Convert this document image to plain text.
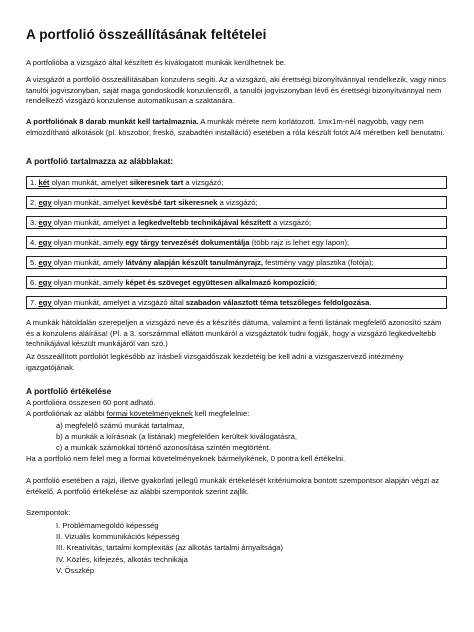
A portfolió összeállításának feltételei
A portfolióba a vizsgázó által készített és kiválogatott munkák kerülhetnek be.
A vizsgázót a portfolió összeállításában konzulens segíti. Az a vizsgázó, aki érettségi bizonyítvánnyal rendelkezik, vagy nincs tanulói jogviszonyban, saját maga gondoskodik konzulensről, a tanulói jogviszonyban lévő és érettségi bizonyítvánnyal nem rendelkező vizsgázó konzulense automatikusan a szaktanára.
A portfoliónak 8 darab munkát kell tartalmaznia. A munkák mérete nem korlátozott. 1mx1m-nél nagyobb, vagy nem elmozdítható alkotások (pl. köszobor, freskó, szabadtéri installáció) esetében a róla készült fotót A/4 méretben kell benutatni.
A portfolió tartalmazza az alábblakat:
1. két olyan munkát, amelyet sikeresnek tart a vizsgázó;
2. egy olyan munkát, amelyet kevésbé tart sikeresnek a vizsgázó;
3. egy olyan munkát, amelyet a legkedveltebb technikájával készített a vizsgázó;
4. egy olyan munkát, amely egy tárgy tervezését dokumentálja (több rajz is lehet egy lapon);
5. egy olyan munkát, amely látvány alapján készült tanulmányrajz, festmény vagy plasztika (fotója);
6. egy olyan munkát, amely képet és szöveget együttesen alkalmazó kompozíció;
7. egy olyan munkát, amelyet a vizsgázó által szabadon választott téma tetszőleges feldolgozása.
A munkák hátoldalán szerepeljen a vizsgázó neve és a készítés dátuma, valamint a fenti listának megfelelő azonosító szám és a konzulens aláírása! (Pl. a 3. sorszámmal ellátott munkáról a vizsgáztatók tudni fogják, hogy a vizsgázó legkedveltebb technikájával készült munkájáról van szó.)
Az összeállított portfoliót legkésőbb az írásbeli vizsgaidőszak kezdetéig be kell adni a vizsgaszervező intézmény igazgatójának.
A portfolió értékelése
A portfolióra összesen 60 pont adható.
A portfoliónak az alábbi formai követelményeknek kell megfelelnie:
a) megfelelő számú munkát tartalmaz,
b) a munkák a kiírásnak (a listának) megfelelően kerültek kiválogatásra,
c) a munkák számokkal történő azonosítása szintén megtörtént.
Ha a portfolió nem felel meg a formai követelményeknek bármelyikének, 0 pontra kell értékelni.
A portfolió esetében a rajzi, illetve gyakorlati jellegű munkák értékelését kritériumokra bontott szempontsor alapján végzi az értékelő. A portfolió értékelése az alábbi szempontok szerint zajlik.
Szempontok:
I. Problémamegoldó képesség
II. Vizuális kommunikációs képesség
III. Kreativitás, tartalmi komplexitás (az alkotás tartalmi árnyaltsága)
IV. Közlés, kifejezés, alkotás technikája
V. Összkép
